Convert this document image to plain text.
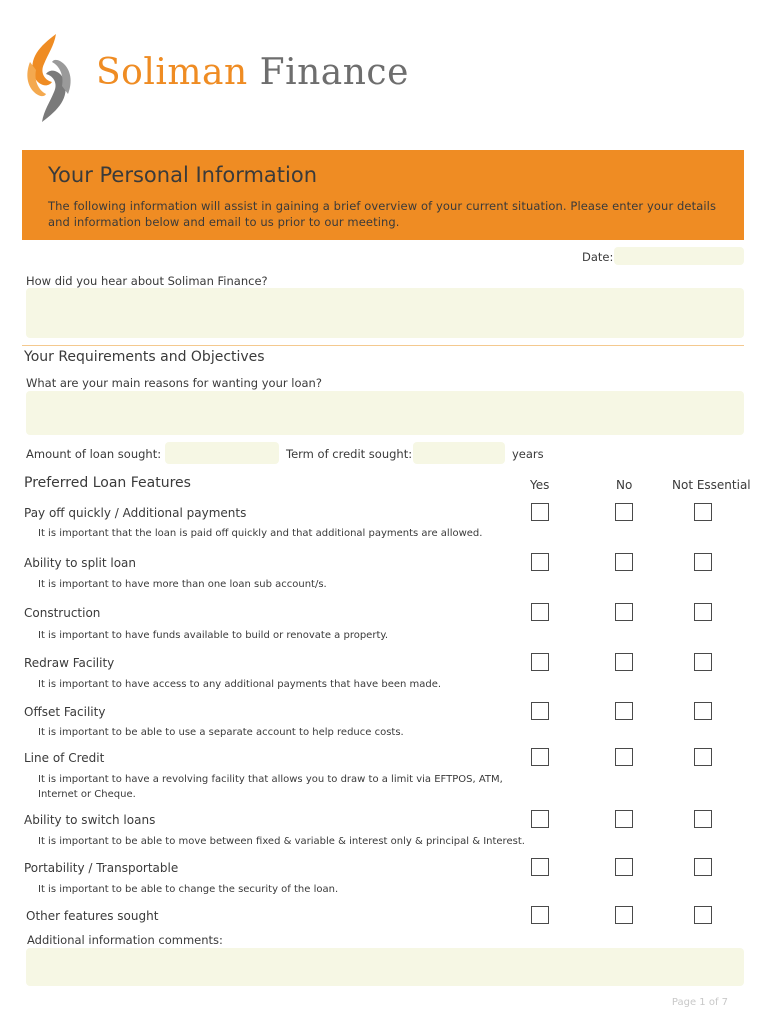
Soliman Finance
Your Personal Information
The following information will assist in gaining a brief overview of your current situation. Please enter your details and information below and email to us prior to our meeting.
Date:
How did you hear about Soliman Finance?
Your Requirements and Objectives
What are your main reasons for wanting your loan?
Amount of loan sought:	Term of credit sought:	years
Preferred Loan Features	Yes	No	Not Essential
Pay off quickly / Additional payments
It is important that the loan is paid off quickly and that additional payments are allowed.
Ability to split loan
It is important to have more than one loan sub account/s.
Construction
It is important to have funds available to build or renovate a property.
Redraw Facility
It is important to have access to any additional payments that have been made.
Offset Facility
It is important to be able to use a separate account to help reduce costs.
Line of Credit
It is important to have a revolving facility that allows you to draw to a limit via EFTPOS, ATM, Internet or Cheque.
Ability to switch loans
It is important to be able to move between fixed & variable & interest only & principal & Interest.
Portability / Transportable
It is important to be able to change the security of the loan.
Other features sought
Additional information comments:
Page 1 of 7
